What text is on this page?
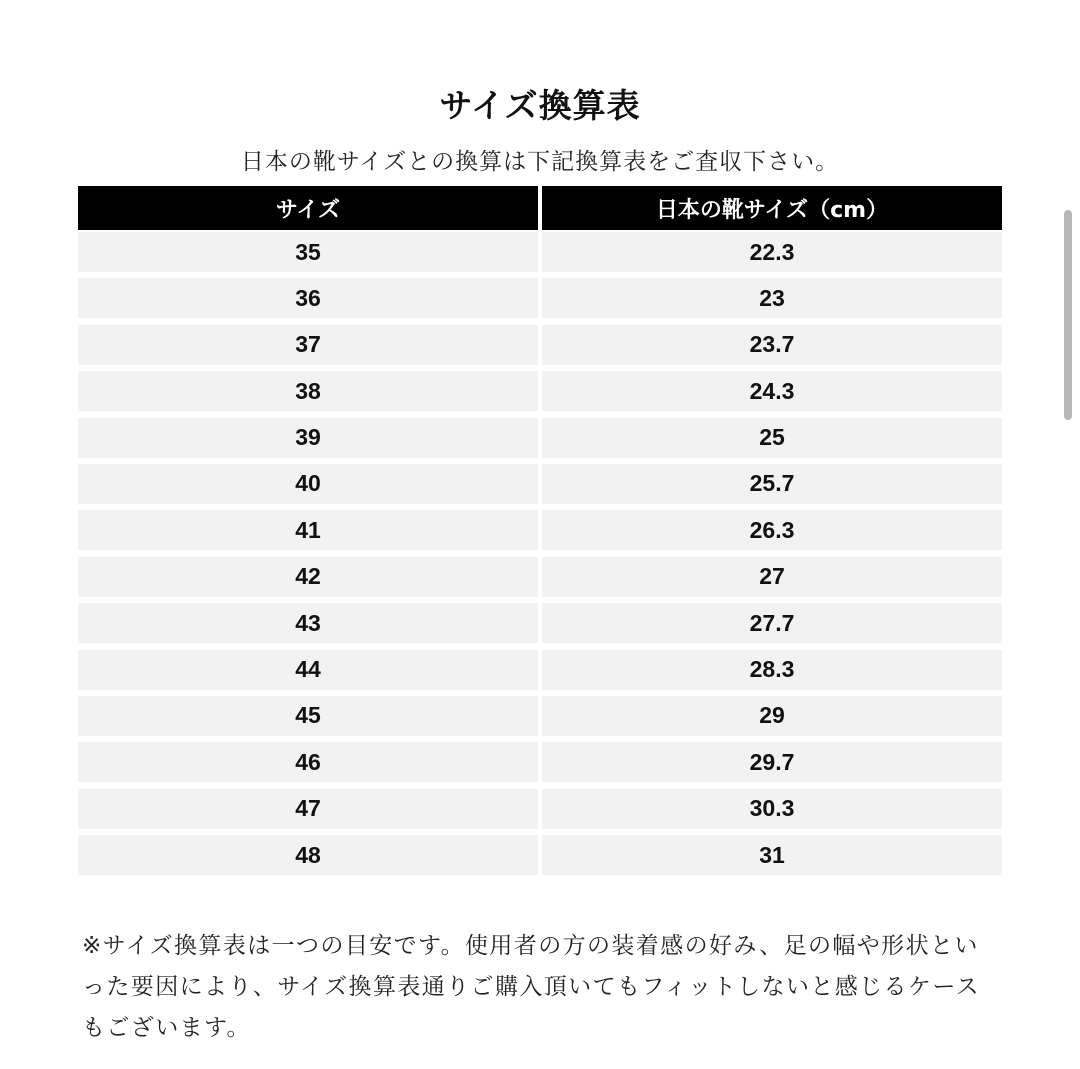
サイズ換算表
日本の靴サイズとの換算は下記換算表をご査収下さい。
サイズ	日本の靴サイズ（cm）
35	22.3
36	23
37	23.7
38	24.3
39	25
40	25.7
41	26.3
42	27
43	27.7
44	28.3
45	29
46	29.7
47	30.3
48	31
※サイズ換算表は一つの目安です。使用者の方の装着感の好み、足の幅や形状といった要因により、サイズ換算表通りご購入頂いてもフィットしないと感じるケースもございます。
